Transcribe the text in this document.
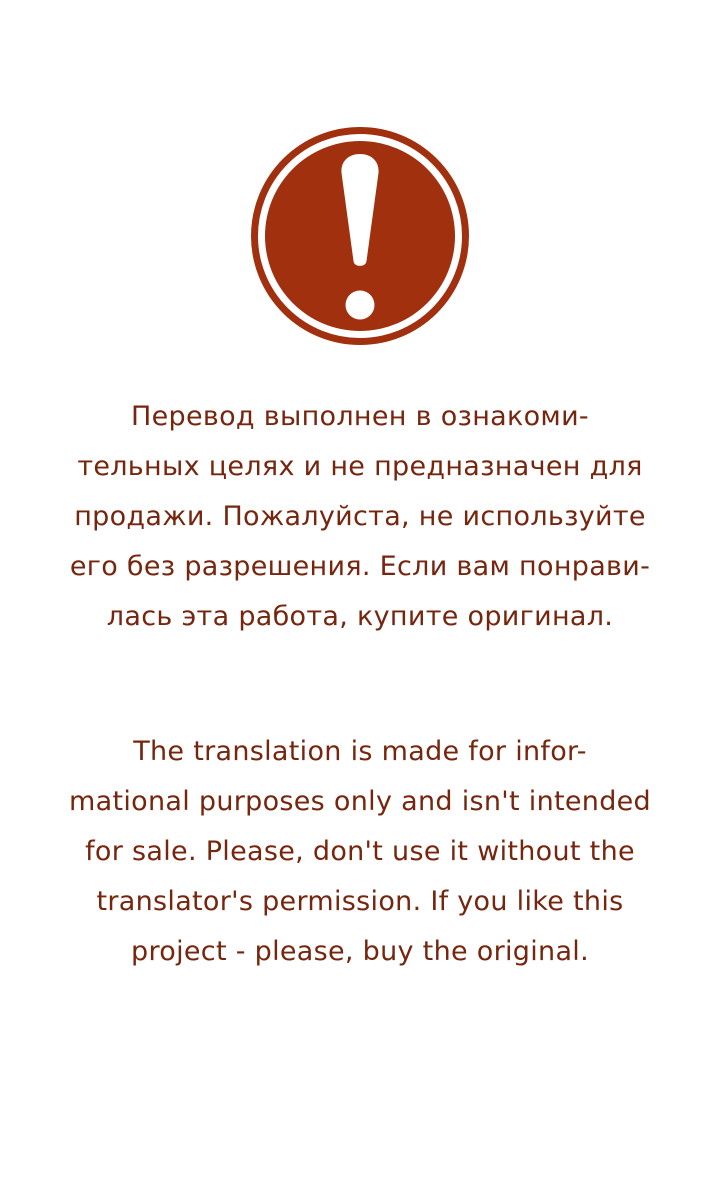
Перевод выполнен в ознакоми-
тельных целях и не предназначен для
продажи. Пожалуйста, не используйте
его без разрешения. Если вам понрави-
лась эта работа, купите оригинал.
The translation is made for infor-
mational purposes only and isn't intended
for sale. Please, don't use it without the
translator's permission. If you like this
project - please, buy the original.
